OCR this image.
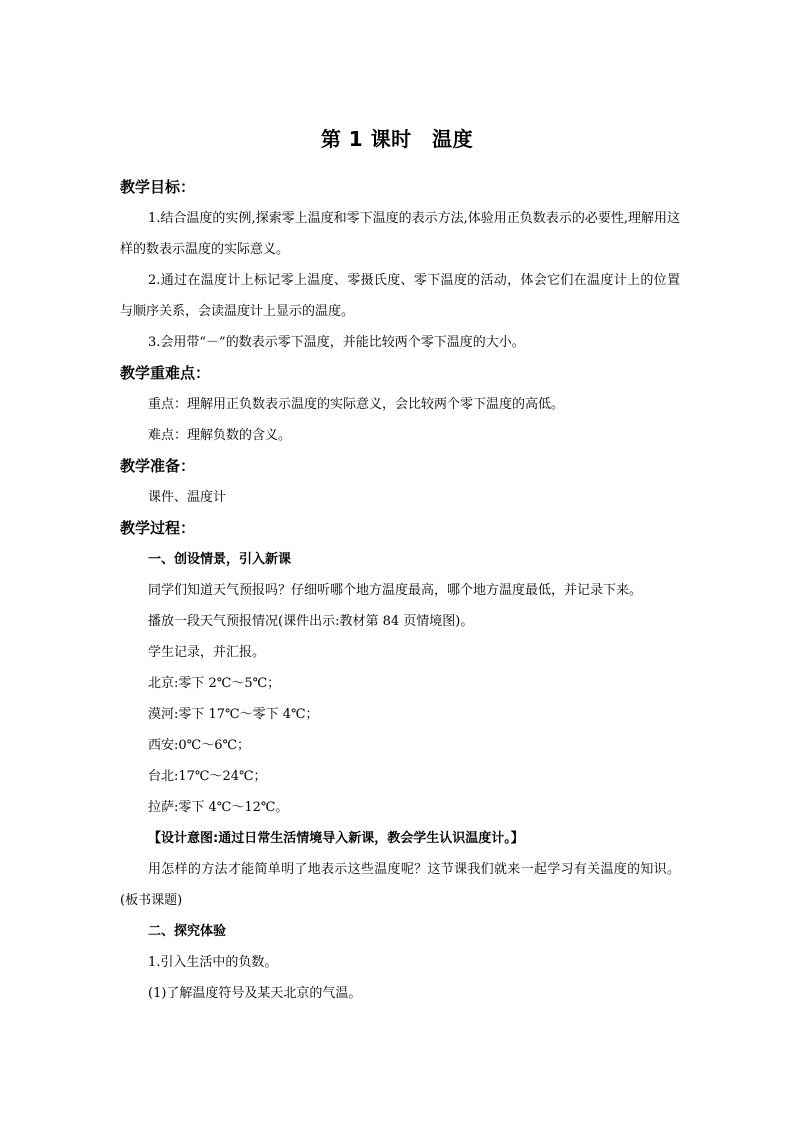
第 1 课时　温度
教学目标：
1.结合温度的实例,探索零上温度和零下温度的表示方法,体验用正负数表示的必要性,理解用这样的数表示温度的实际意义。
2.通过在温度计上标记零上温度、零摄氏度、零下温度的活动，体会它们在温度计上的位置与顺序关系，会读温度计上显示的温度。
3.会用带“－”的数表示零下温度，并能比较两个零下温度的大小。
教学重难点：
重点：理解用正负数表示温度的实际意义，会比较两个零下温度的高低。
难点：理解负数的含义。
教学准备：
课件、温度计
教学过程：
一、创设情景，引入新课
同学们知道天气预报吗？仔细听哪个地方温度最高，哪个地方温度最低，并记录下来。
播放一段天气预报情况(课件出示:教材第 84 页情境图)。
学生记录，并汇报。
北京:零下 2℃～5℃；
漠河:零下 17℃～零下 4℃；
西安:0℃～6℃；
台北:17℃～24℃；
拉萨:零下 4℃～12℃。
【设计意图:通过日常生活情境导入新课，教会学生认识温度计。】
用怎样的方法才能简单明了地表示这些温度呢？这节课我们就来一起学习有关温度的知识。(板书课题)
二、探究体验
1.引入生活中的负数。
(1)了解温度符号及某天北京的气温。
